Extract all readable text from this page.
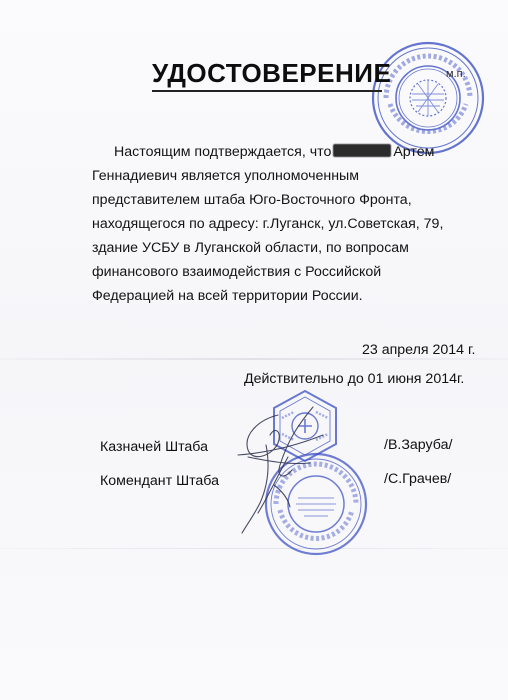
УДОСТОВЕРЕНИЕ	м.п.
Настоящим подтверждается, что	Артем
Геннадиевич является уполномоченным
представителем штаба Юго-Восточного Фронта,
находящегося по адресу: г.Луганск, ул.Советская, 79,
здание УСБУ в Луганской области, по вопросам
финансового взаимодействия с Российской
Федерацией на всей территории России.
23 апреля 2014 г.
Действительно до 01 июня 2014г.
Казначей Штаба	/В.Заруба/
Комендант Штаба	/С.Грачев/
